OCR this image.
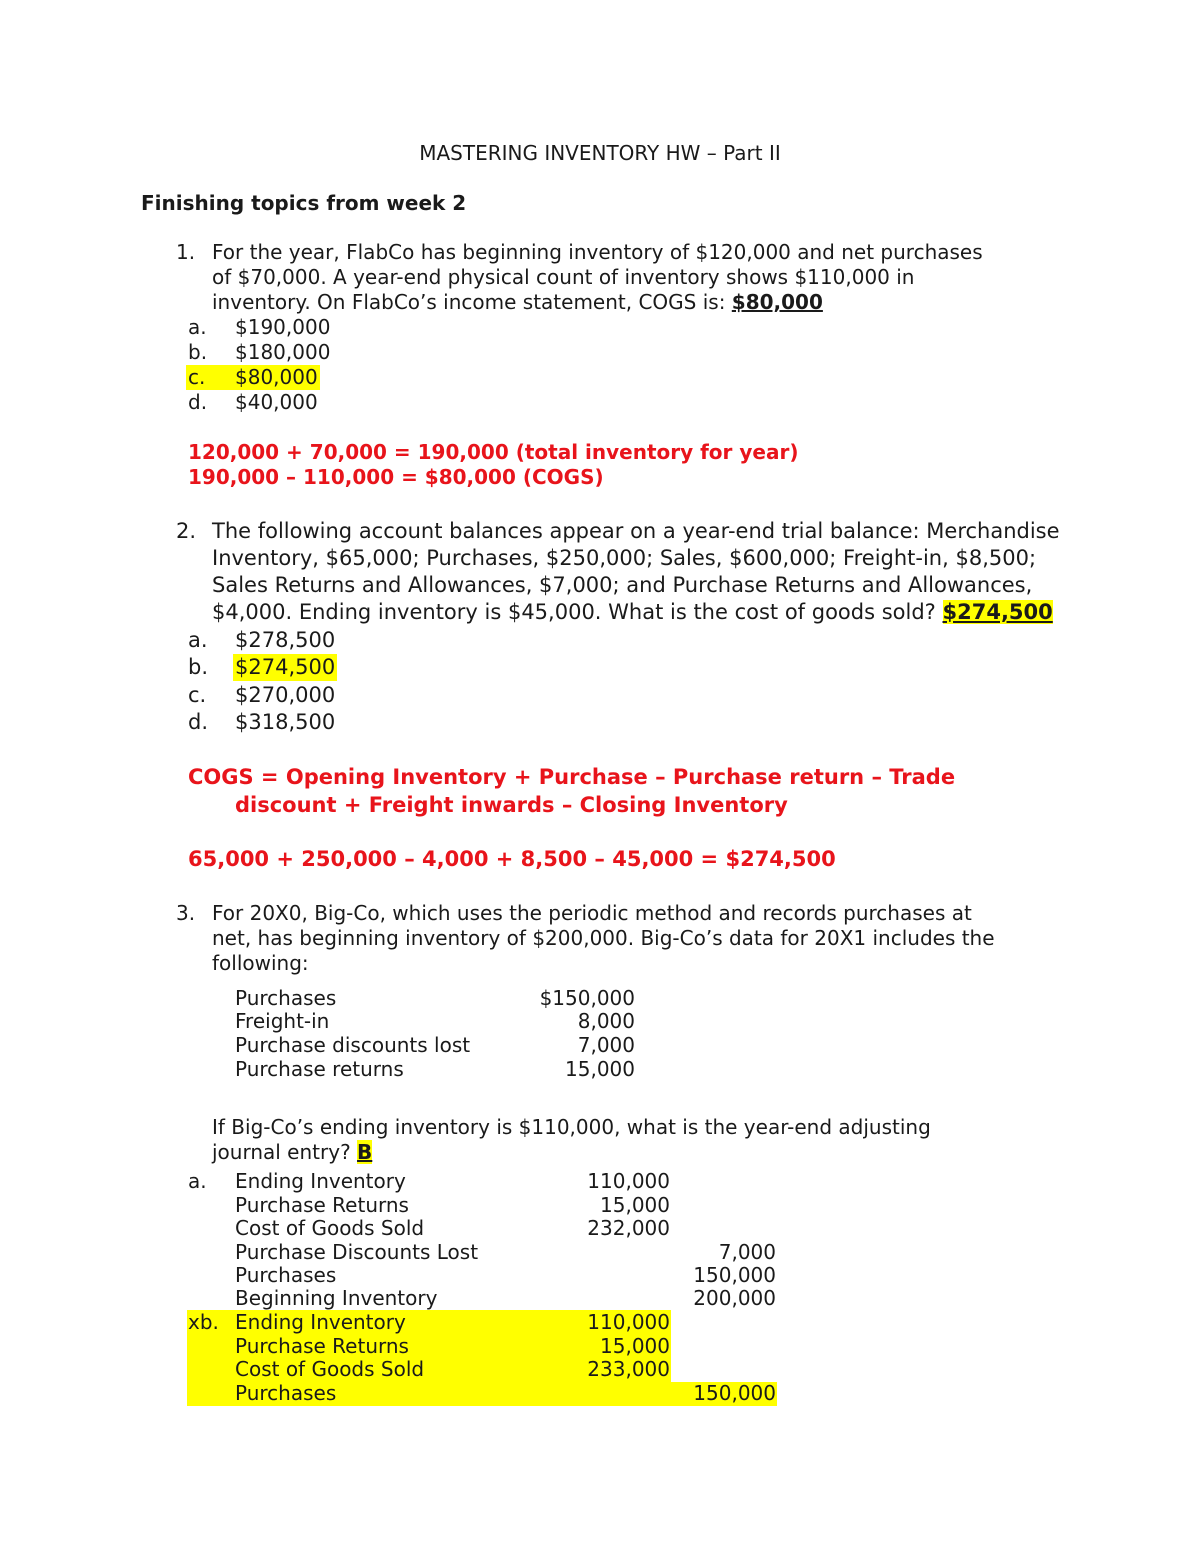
MASTERING INVENTORY HW – Part II
Finishing topics from week 2
1. For the year, FlabCo has beginning inventory of $120,000 and net purchases
of $70,000. A year-end physical count of inventory shows $110,000 in
inventory. On FlabCo’s income statement, COGS is: $80,000
a. $190,000
b. $180,000
c.	$80,000
d. $40,000
120,000 + 70,000 = 190,000 (total inventory for year)
190,000 – 110,000 = $80,000 (COGS)
2. The following account balances appear on a year-end trial balance: Merchandise
Inventory, $65,000; Purchases, $250,000; Sales, $600,000; Freight-in, $8,500;
Sales Returns and Allowances, $7,000; and Purchase Returns and Allowances,
$4,000. Ending inventory is $45,000. What is the cost of goods sold? $274,500
a. $278,500
b. $274,500
c. $270,000
d. $318,500
COGS = Opening Inventory + Purchase – Purchase return – Trade
discount + Freight inwards – Closing Inventory
65,000 + 250,000 – 4,000 + 8,500 – 45,000 = $274,500
3. For 20X0, Big-Co, which uses the periodic method and records purchases at
net, has beginning inventory of $200,000. Big-Co’s data for 20X1 includes the
following:
Purchases	$150,000
Freight-in	8,000
Purchase discounts lost	7,000
Purchase returns	15,000
If Big-Co’s ending inventory is $110,000, what is the year-end adjusting
journal entry? B
a. Ending Inventory	110,000
Purchase Returns	15,000
Cost of Goods Sold	232,000
Purchase Discounts Lost	7,000
Purchases	150,000
Beginning Inventory	200,000
xb. Ending Inventory	110,000
Purchase Returns	15,000
Cost of Goods Sold	233,000
Purchases	150,000
